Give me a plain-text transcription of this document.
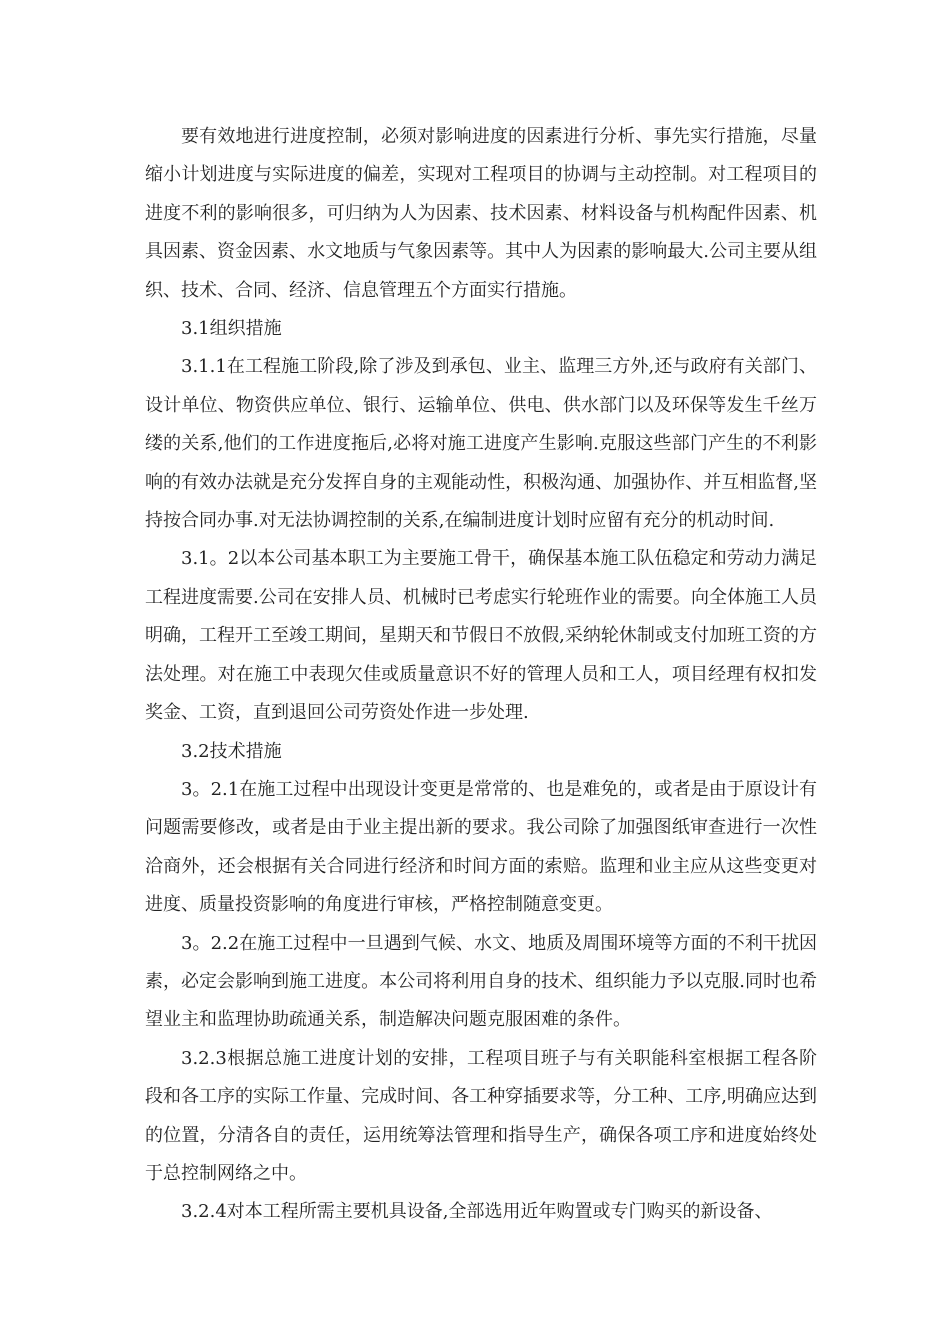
要有效地进行进度控制，必须对影响进度的因素进行分析、事先实行措施，尽量缩小计划进度与实际进度的偏差，实现对工程项目的协调与主动控制。对工程项目的进度不利的影响很多，可归纳为人为因素、技术因素、材料设备与机构配件因素、机具因素、资金因素、水文地质与气象因素等。其中人为因素的影响最大.公司主要从组织、技术、合同、经济、信息管理五个方面实行措施。

3.1组织措施

3.1.1在工程施工阶段,除了涉及到承包、业主、监理三方外,还与政府有关部门、设计单位、物资供应单位、银行、运输单位、供电、供水部门以及环保等发生千丝万缕的关系,他们的工作进度拖后,必将对施工进度产生影响.克服这些部门产生的不利影响的有效办法就是充分发挥自身的主观能动性，积极沟通、加强协作、并互相监督,坚持按合同办事.对无法协调控制的关系,在编制进度计划时应留有充分的机动时间.

3.1。2以本公司基本职工为主要施工骨干，确保基本施工队伍稳定和劳动力满足工程进度需要.公司在安排人员、机械时已考虑实行轮班作业的需要。向全体施工人员明确，工程开工至竣工期间，星期天和节假日不放假,采纳轮休制或支付加班工资的方法处理。对在施工中表现欠佳或质量意识不好的管理人员和工人，项目经理有权扣发奖金、工资，直到退回公司劳资处作进一步处理.

3.2技术措施

3。2.1在施工过程中出现设计变更是常常的、也是难免的，或者是由于原设计有问题需要修改，或者是由于业主提出新的要求。我公司除了加强图纸审查进行一次性洽商外，还会根据有关合同进行经济和时间方面的索赔。监理和业主应从这些变更对进度、质量投资影响的角度进行审核，严格控制随意变更。

3。2.2在施工过程中一旦遇到气候、水文、地质及周围环境等方面的不利干扰因素，必定会影响到施工进度。本公司将利用自身的技术、组织能力予以克服.同时也希望业主和监理协助疏通关系，制造解决问题克服困难的条件。

3.2.3根据总施工进度计划的安排，工程项目班子与有关职能科室根据工程各阶段和各工序的实际工作量、完成时间、各工种穿插要求等，分工种、工序,明确应达到的位置，分清各自的责任，运用统筹法管理和指导生产，确保各项工序和进度始终处于总控制网络之中。

3.2.4对本工程所需主要机具设备,全部选用近年购置或专门购买的新设备、
